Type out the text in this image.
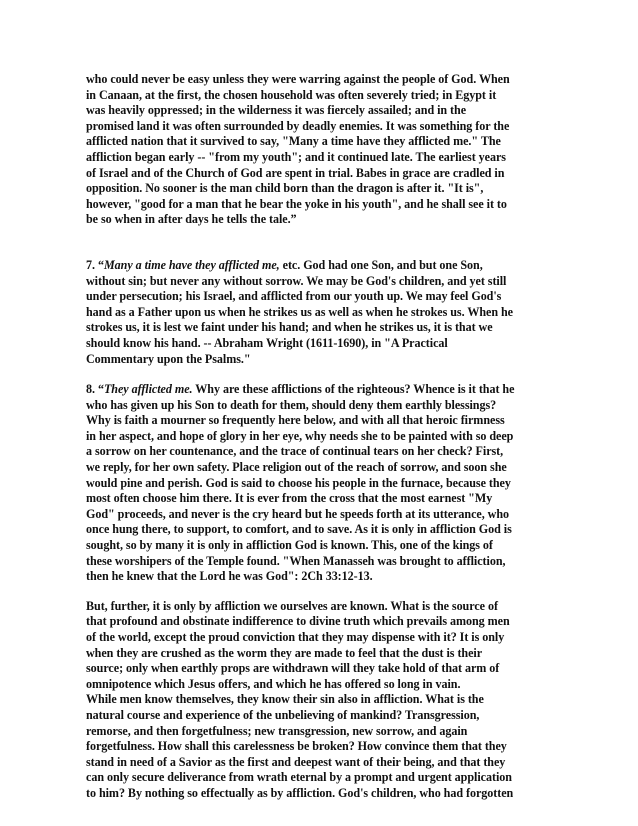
who could never be easy unless they were warring against the people of God. When
in Canaan, at the first, the chosen household was often severely tried; in Egypt it
was heavily oppressed; in the wilderness it was fiercely assailed; and in the
promised land it was often surrounded by deadly enemies. It was something for the
afflicted nation that it survived to say, "Many a time have they afflicted me." The
affliction began early -- "from my youth"; and it continued late. The earliest years
of Israel and of the Church of God are spent in trial. Babes in grace are cradled in
opposition. No sooner is the man child born than the dragon is after it. "It is",
however, "good for a man that he bear the yoke in his youth", and he shall see it to
be so when in after days he tells the tale.”
7. “Many a time have they afflicted me, etc. God had one Son, and but one Son,
without sin; but never any without sorrow. We may be God's children, and yet still
under persecution; his Israel, and afflicted from our youth up. We may feel God's
hand as a Father upon us when he strikes us as well as when he strokes us. When he
strokes us, it is lest we faint under his hand; and when he strikes us, it is that we
should know his hand. -- Abraham Wright (1611-1690), in "A Practical
Commentary upon the Psalms."
8. “They afflicted me. Why are these afflictions of the righteous? Whence is it that he
who has given up his Son to death for them, should deny them earthly blessings?
Why is faith a mourner so frequently here below, and with all that heroic firmness
in her aspect, and hope of glory in her eye, why needs she to be painted with so deep
a sorrow on her countenance, and the trace of continual tears on her check? First,
we reply, for her own safety. Place religion out of the reach of sorrow, and soon she
would pine and perish. God is said to choose his people in the furnace, because they
most often choose him there. It is ever from the cross that the most earnest "My
God" proceeds, and never is the cry heard but he speeds forth at its utterance, who
once hung there, to support, to comfort, and to save. As it is only in affliction God is
sought, so by many it is only in affliction God is known. This, one of the kings of
these worshipers of the Temple found. "When Manasseh was brought to affliction,
then he knew that the Lord he was God": 2Ch 33:12-13.
But, further, it is only by affliction we ourselves are known. What is the source of
that profound and obstinate indifference to divine truth which prevails among men
of the world, except the proud conviction that they may dispense with it? It is only
when they are crushed as the worm they are made to feel that the dust is their
source; only when earthly props are withdrawn will they take hold of that arm of
omnipotence which Jesus offers, and which he has offered so long in vain.
While men know themselves, they know their sin also in affliction. What is the
natural course and experience of the unbelieving of mankind? Transgression,
remorse, and then forgetfulness; new transgression, new sorrow, and again
forgetfulness. How shall this carelessness be broken? How convince them that they
stand in need of a Savior as the first and deepest want of their being, and that they
can only secure deliverance from wrath eternal by a prompt and urgent application
to him? By nothing so effectually as by affliction. God's children, who had forgotten
